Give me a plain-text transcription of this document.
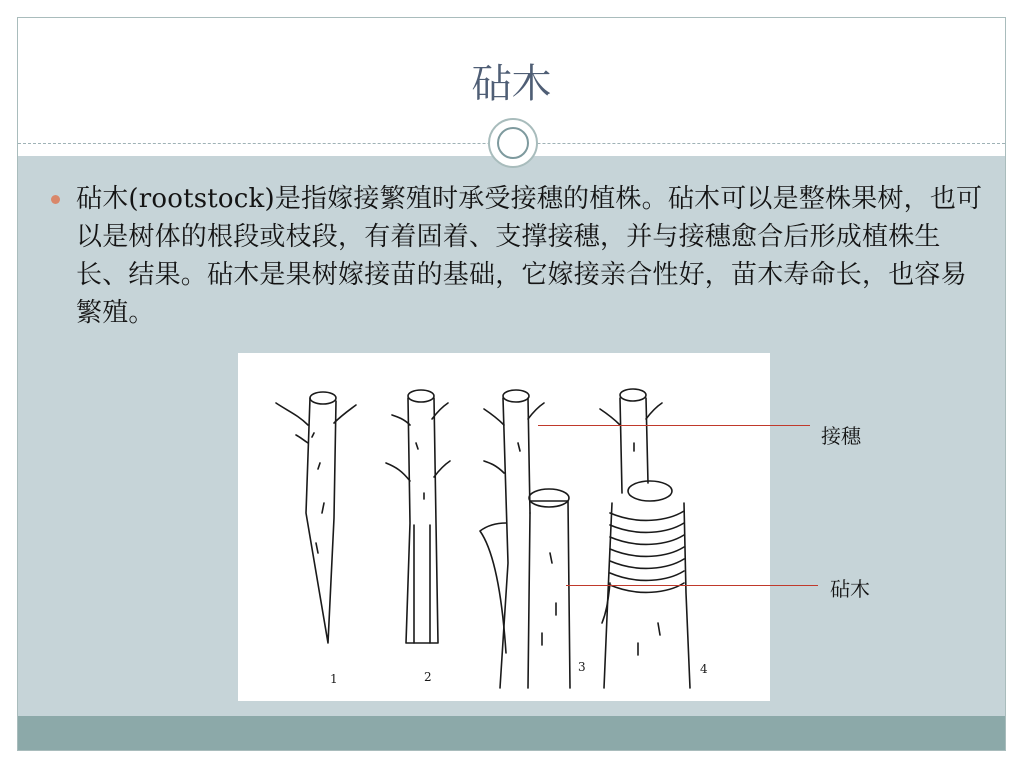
砧木
砧木(rootstock)是指嫁接繁殖时承受接穗的植株。砧木可以是整株果树，也可以是树体的根段或枝段，有着固着、支撑接穗，并与接穗愈合后形成植株生长、结果。砧木是果树嫁接苗的基础，它嫁接亲合性好，苗木寿命长，也容易繁殖。
1	2
3	4
接穗
砧木
